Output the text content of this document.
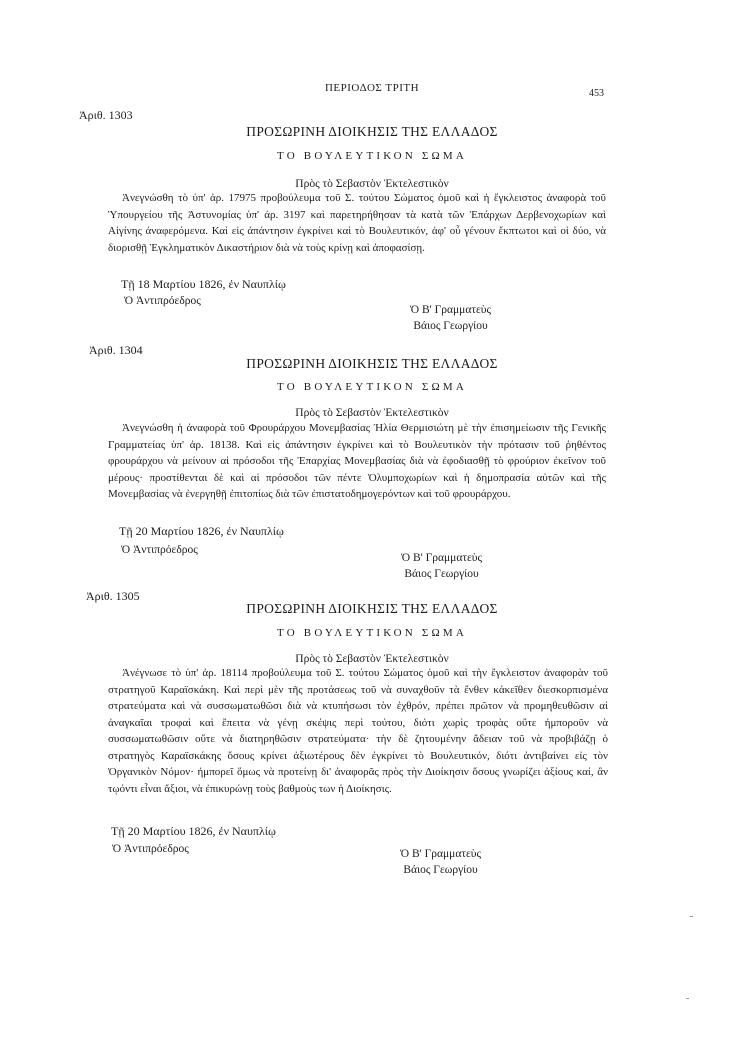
ΠΕΡΙΟΔΟΣ ΤΡΙΤΗ	453
Ἀριθ. 1303
ΠΡΟΣΩΡΙΝΗ ΔΙΟΙΚΗΣΙΣ ΤΗΣ ΕΛΛΑΔΟΣ
ΤΟ ΒΟΥΛΕΥΤΙΚΟΝ ΣΩΜΑ
Πρὸς τὸ Σεβαστὸν Ἐκτελεστικὸν

Ἀνεγνώσθη τὸ ὑπ' ἀρ. 17975 προβούλευμα τοῦ Σ. τούτου Σώματος ὁμοῦ καὶ ἡ ἔγκλειστος ἀναφορὰ τοῦ Ὑπουργείου τῆς Ἀστυνομίας ὑπ' ἀρ. 3197 καὶ παρετηρήθησαν τὰ κατὰ τῶν Ἐπάρχων Δερβενοχωρίων καὶ Αἰγίνης ἀναφερόμενα. Καὶ εἰς ἀπάντησιν ἐγκρίνει καὶ τὸ Βουλευτικόν, ἀφ' οὗ γένουν ἔκπτωτοι καὶ οἱ δύο, νὰ διορισθῇ Ἐγκληματικὸν Δικαστήριον διὰ νὰ τοὺς κρίνῃ καὶ ἀποφασίσῃ.

Τῇ 18 Μαρτίου 1826, ἐν Ναυπλίῳ
Ὁ Ἀντιπρόεδρος
Ὁ Β' Γραμματεὺς
Βάιος Γεωργίου
Ἀριθ. 1304
ΠΡΟΣΩΡΙΝΗ ΔΙΟΙΚΗΣΙΣ ΤΗΣ ΕΛΛΑΔΟΣ
ΤΟ ΒΟΥΛΕΥΤΙΚΟΝ ΣΩΜΑ
Πρὸς τὸ Σεβαστὸν Ἐκτελεστικὸν

Ἀνεγνώσθη ἡ ἀναφορὰ τοῦ Φρουράρχου Μονεμβασίας Ἠλία Θερμισιώτη μὲ τὴν ἐπισημείωσιν τῆς Γενικῆς Γραμματείας ὑπ' ἀρ. 18138. Καὶ εἰς ἀπάντησιν ἐγκρίνει καὶ τὸ Βουλευτικὸν τὴν πρότασιν τοῦ ῥηθέντος φρουράρχου νὰ μείνουν αἱ πρόσοδοι τῆς Ἐπαρχίας Μονεμβασίας διὰ νὰ ἐφοδιασθῇ τὸ φρούριον ἐκεῖνον τοῦ μέρους· προστίθενται δὲ καὶ αἱ πρόσοδοι τῶν πέντε Ὀλυμποχωρίων καὶ ἡ δημοπρασία αὐτῶν καὶ τῆς Μονεμβασίας νὰ ἐνεργηθῇ ἐπιτοπίως διὰ τῶν ἐπιστατοδημογερόντων καὶ τοῦ φρουράρχου.

Τῇ 20 Μαρτίου 1826, ἐν Ναυπλίῳ
Ὁ Ἀντιπρόεδρος
Ὁ Β' Γραμματεὺς
Βάιος Γεωργίου
Ἀριθ. 1305
ΠΡΟΣΩΡΙΝΗ ΔΙΟΙΚΗΣΙΣ ΤΗΣ ΕΛΛΑΔΟΣ
ΤΟ ΒΟΥΛΕΥΤΙΚΟΝ ΣΩΜΑ
Πρὸς τὸ Σεβαστὸν Ἐκτελεστικὸν

Ἀνέγνωσε τὸ ὑπ' ἀρ. 18114 προβούλευμα τοῦ Σ. τούτου Σώματος ὁμοῦ καὶ τὴν ἔγκλειστον ἀναφορὰν τοῦ στρατηγοῦ Καραϊσκάκη. Καὶ περὶ μὲν τῆς προτάσεως τοῦ νὰ συναχθοῦν τὰ ἔνθεν κἀκεῖθεν διεσκορπισμένα στρατεύματα καὶ νὰ συσσωματωθῶσι διὰ νὰ κτυπήσωσι τὸν ἐχθρόν, πρέπει πρῶτον νὰ προμηθευθῶσιν αἱ ἀναγκαῖαι τροφαὶ καὶ ἔπειτα νὰ γένῃ σκέψις περὶ τούτου, διότι χωρὶς τροφὰς οὔτε ἠμποροῦν νὰ συσσωματωθῶσιν οὔτε νὰ διατηρηθῶσιν στρατεύματα· τὴν δὲ ζητουμένην ἄδειαν τοῦ νὰ προβιβάζῃ ὁ στρατηγὸς Καραϊσκάκης ὅσους κρίνει ἀξιωτέρους δὲν ἐγκρίνει τὸ Βουλευτικόν, διότι ἀντιβαίνει εἰς τὸν Ὀργανικὸν Νόμον· ἠμπορεῖ ὅμως νὰ προτείνῃ δι' ἀναφορᾶς πρὸς τὴν Διοίκησιν ὅσους γνωρίζει ἀξίους καί, ἂν τῳόντι εἶναι ἄξιοι, νὰ ἐπικυρώνῃ τοὺς βαθμοὺς των ἡ Διοίκησις.

Τῇ 20 Μαρτίου 1826, ἐν Ναυπλίῳ
Ὁ Ἀντιπρόεδρος	Ὁ Β' Γραμματεὺς
Βάιος Γεωργίου
